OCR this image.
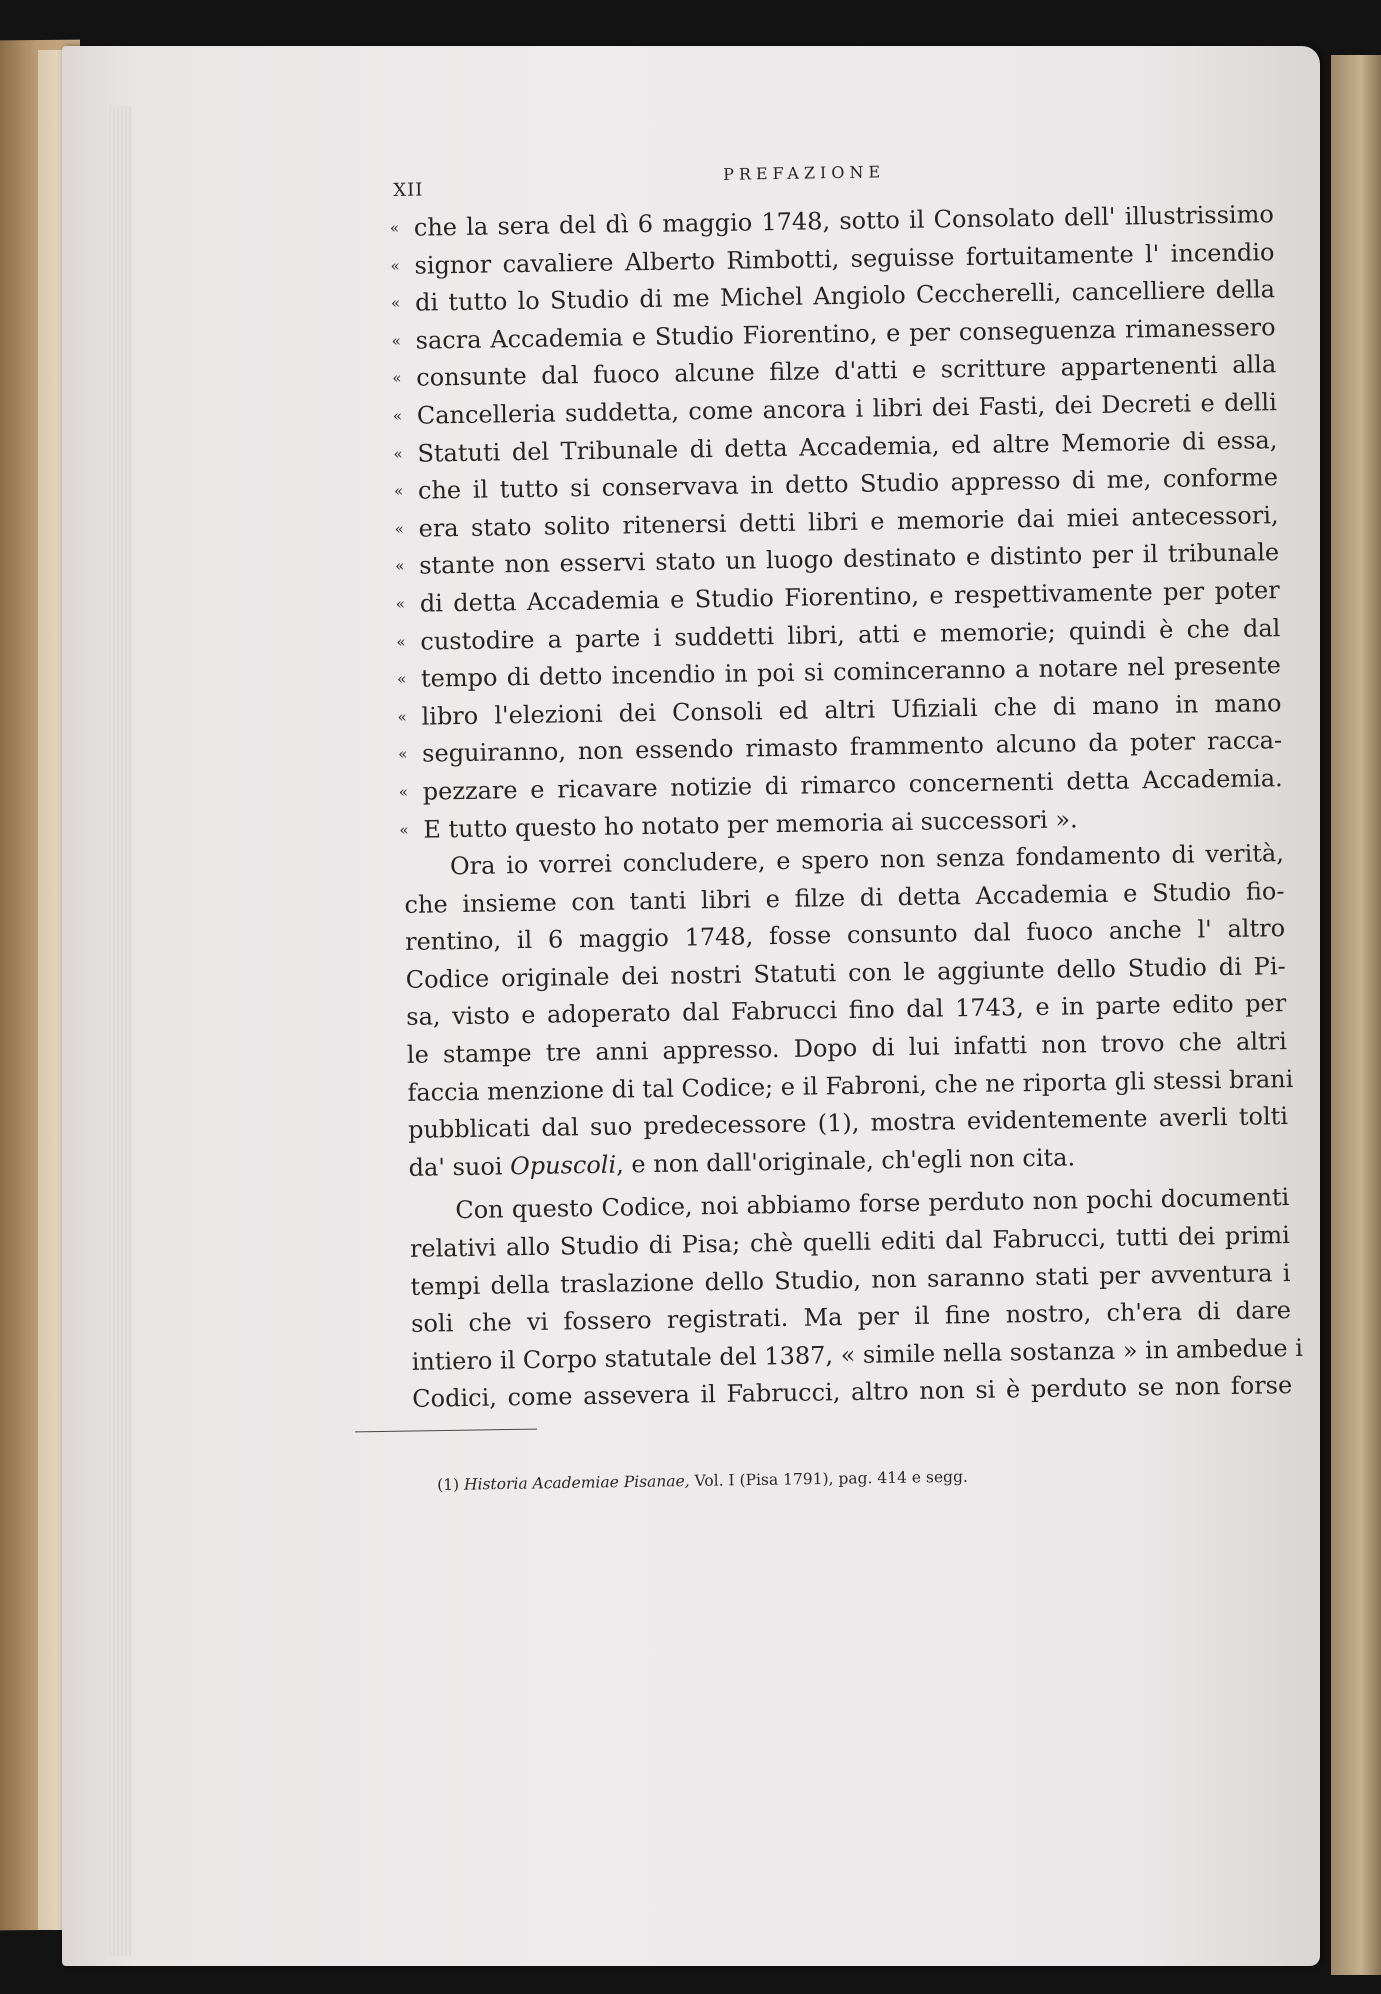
XII
PREFAZIONE
« che la sera del dì 6 maggio 1748, sotto il Consolato dell' illustrissimo
« signor cavaliere Alberto Rimbotti, seguisse fortuitamente l' incendio
« di tutto lo Studio di me Michel Angiolo Ceccherelli, cancelliere della
« sacra Accademia e Studio Fiorentino, e per conseguenza rimanessero
« consunte dal fuoco alcune filze d'atti e scritture appartenenti alla
« Cancelleria suddetta, come ancora i libri dei Fasti, dei Decreti e delli
« Statuti del Tribunale di detta Accademia, ed altre Memorie di essa,
« che il tutto si conservava in detto Studio appresso di me, conforme
« era stato solito ritenersi detti libri e memorie dai miei antecessori,
« stante non esservi stato un luogo destinato e distinto per il tribunale
« di detta Accademia e Studio Fiorentino, e respettivamente per poter
« custodire a parte i suddetti libri, atti e memorie; quindi è che dal
« tempo di detto incendio in poi si cominceranno a notare nel presente
« libro l'elezioni dei Consoli ed altri Ufiziali che di mano in mano
« seguiranno, non essendo rimasto frammento alcuno da poter racca-
« pezzare e ricavare notizie di rimarco concernenti detta Accademia.
« E tutto questo ho notato per memoria ai successori ».
Ora io vorrei concludere, e spero non senza fondamento di verità,
che insieme con tanti libri e filze di detta Accademia e Studio fio-
rentino, il 6 maggio 1748, fosse consunto dal fuoco anche l' altro
Codice originale dei nostri Statuti con le aggiunte dello Studio di Pi-
sa, visto e adoperato dal Fabrucci fino dal 1743, e in parte edito per
le stampe tre anni appresso. Dopo di lui infatti non trovo che altri
faccia menzione di tal Codice; e il Fabroni, che ne riporta gli stessi brani
pubblicati dal suo predecessore (1), mostra evidentemente averli tolti
da' suoi Opuscoli, e non dall'originale, ch'egli non cita.
Con questo Codice, noi abbiamo forse perduto non pochi documenti
relativi allo Studio di Pisa; chè quelli editi dal Fabrucci, tutti dei primi
tempi della traslazione dello Studio, non saranno stati per avventura i
soli che vi fossero registrati. Ma per il fine nostro, ch'era di dare
intiero il Corpo statutale del 1387, « simile nella sostanza » in ambedue i
Codici, come assevera il Fabrucci, altro non si è perduto se non forse
(1) Historia Academiae Pisanae, Vol. I (Pisa 1791), pag. 414 e segg.
